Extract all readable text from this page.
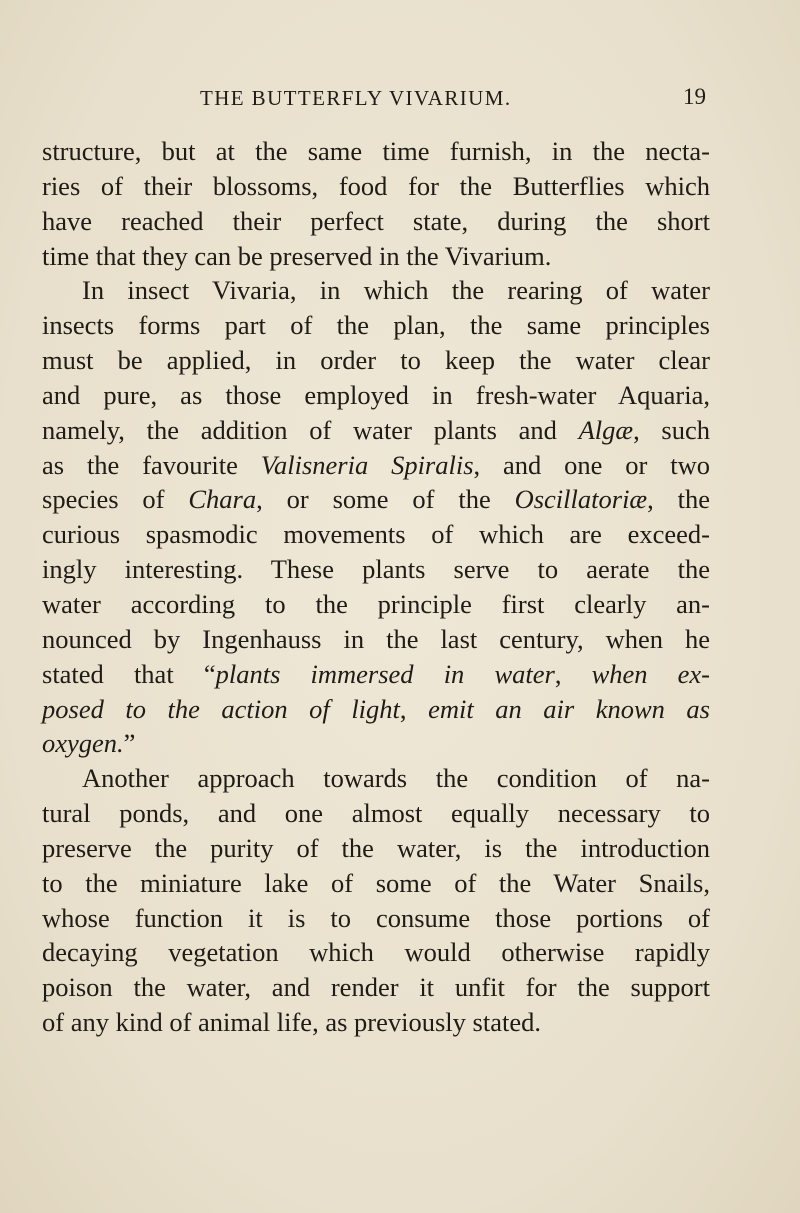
THE BUTTERFLY VIVARIUM.	19
structure, but at the same time furnish, in the necta-
ries of their blossoms, food for the Butterflies which
have reached their perfect state, during the short
time that they can be preserved in the Vivarium.
In insect Vivaria, in which the rearing of water
insects forms part of the plan, the same principles
must be applied, in order to keep the water clear
and pure, as those employed in fresh-water Aquaria,
namely, the addition of water plants and Algæ, such
as the favourite Valisneria Spiralis, and one or two
species of Chara, or some of the Oscillatoriæ, the
curious spasmodic movements of which are exceed-
ingly interesting. These plants serve to aerate the
water according to the principle first clearly an-
nounced by Ingenhauss in the last century, when he
stated that “plants immersed in water, when ex-
posed to the action of light, emit an air known as
oxygen.”
Another approach towards the condition of na-
tural ponds, and one almost equally necessary to
preserve the purity of the water, is the introduction
to the miniature lake of some of the Water Snails,
whose function it is to consume those portions of
decaying vegetation which would otherwise rapidly
poison the water, and render it unfit for the support
of any kind of animal life, as previously stated.
